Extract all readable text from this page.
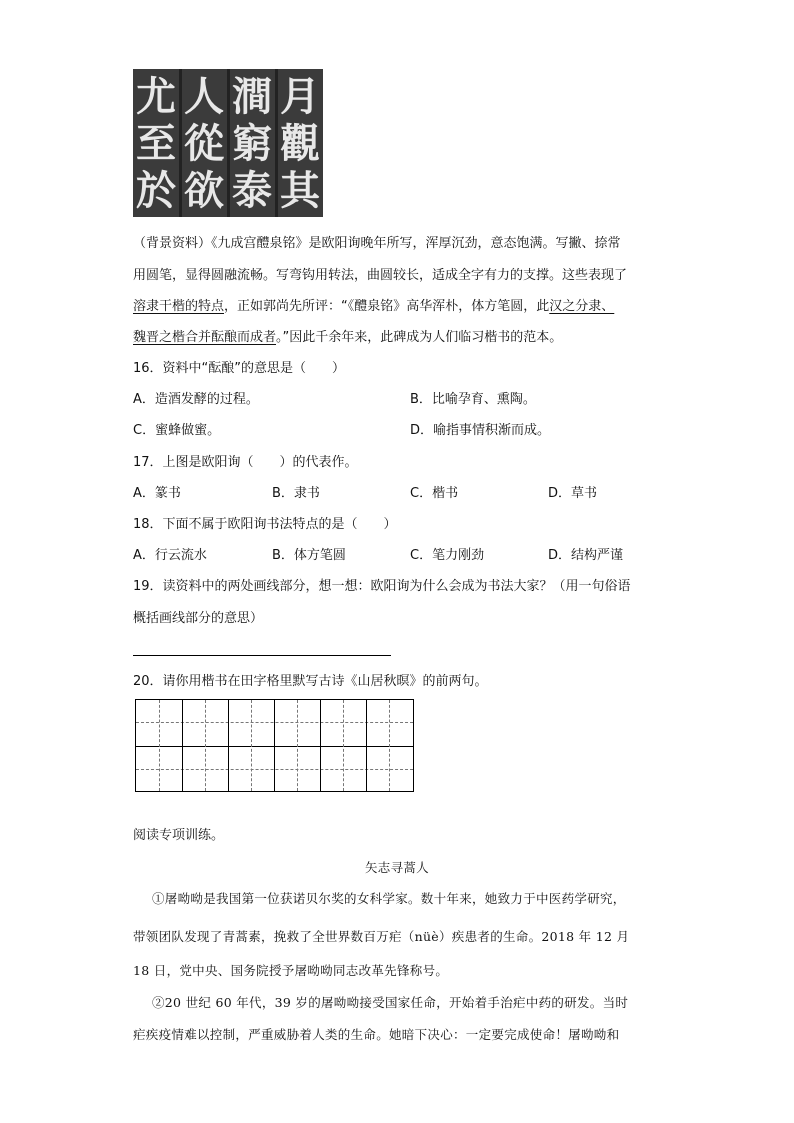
月
觀
其
澗
窮
泰
人
從
欲
尤
至
於
（背景资料）《九成宫醴泉铭》是欧阳询晚年所写，浑厚沉劲，意态饱满。写撇、捺常
用圆笔，显得圆融流畅。写弯钩用转法，曲圆较长，适成全字有力的支撑。这些表现了
溶隶干楷的特点，正如郭尚先所评：“《醴泉铭》高华浑朴，体方笔圆，此汉之分隶、
魏晋之楷合并酝酿而成者。”因此千余年来，此碑成为人们临习楷书的范本。
16．资料中“酝酿”的意思是（　　）
A．造酒发酵的过程。	B．比喻孕育、熏陶。
C．蜜蜂做蜜。	D．喻指事情积渐而成。
17．上图是欧阳询（　　）的代表作。
A．篆书	B．隶书	C．楷书	D．草书
18．下面不属于欧阳询书法特点的是（　　）
A．行云流水	B．体方笔圆	C．笔力刚劲	D．结构严谨
19．读资料中的两处画线部分，想一想：欧阳询为什么会成为书法大家？（用一句俗语
概括画线部分的意思）
20．请你用楷书在田字格里默写古诗《山居秋暝》的前两句。
阅读专项训练。
矢志寻蒿人
①屠呦呦是我国第一位获诺贝尔奖的女科学家。数十年来，她致力于中医药学研究，
带领团队发现了青蒿素，挽救了全世界数百万疟（nüè）疾患者的生命。2018 年 12 月
18 日，党中央、国务院授予屠呦呦同志改革先锋称号。
②20 世纪 60 年代，39 岁的屠呦呦接受国家任命，开始着手治疟中药的研发。当时
疟疾疫情难以控制，严重威胁着人类的生命。她暗下决心：一定要完成使命！屠呦呦和
